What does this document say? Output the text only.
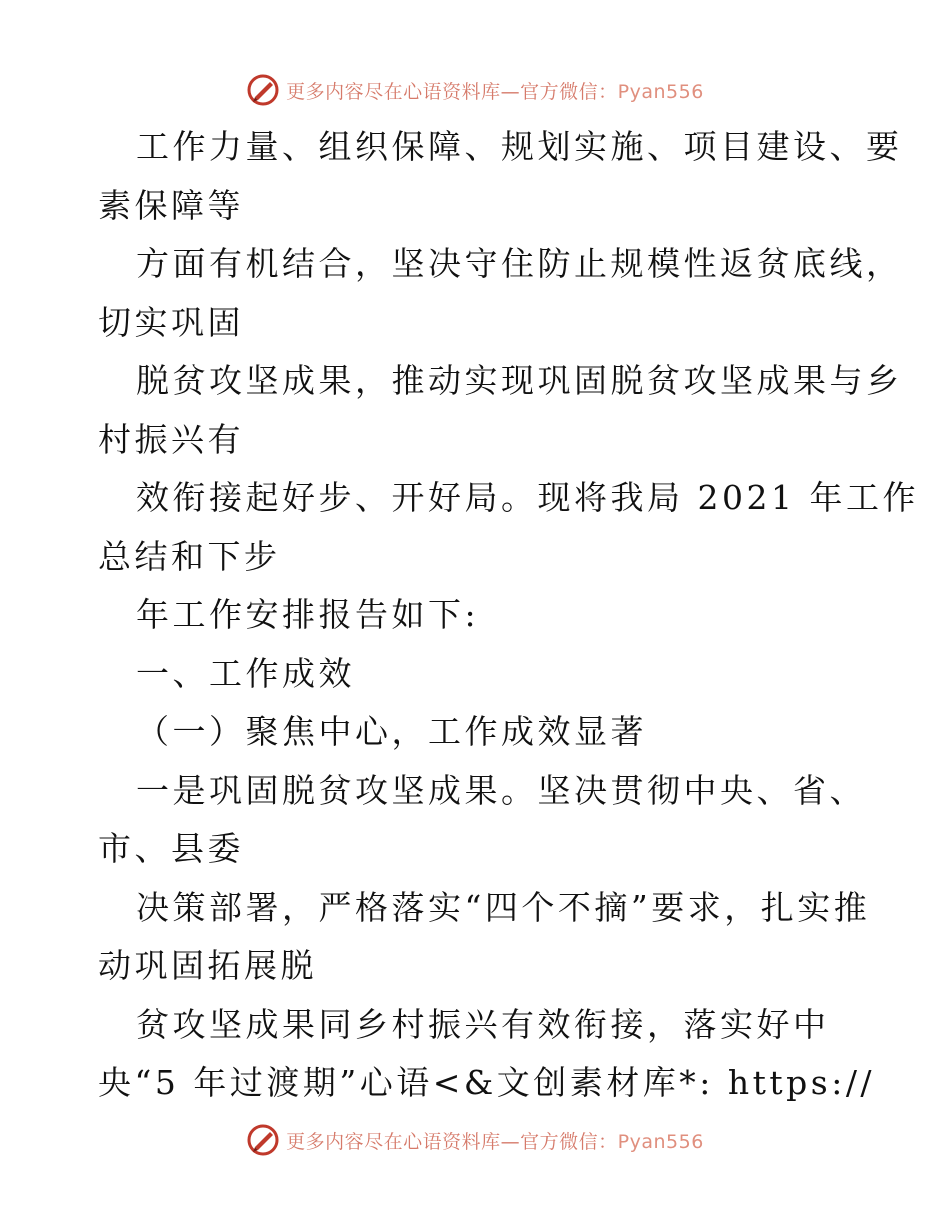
更多内容尽在心语资料库—官方微信：Pyan556
工作力量、组织保障、规划实施、项目建设、要
素保障等
方面有机结合，坚决守住防止规模性返贫底线，
切实巩固
脱贫攻坚成果，推动实现巩固脱贫攻坚成果与乡
村振兴有
效衔接起好步、开好局。现将我局 2021 年工作
总结和下步
年工作安排报告如下:
一、工作成效
（一）聚焦中心，工作成效显著
一是巩固脱贫攻坚成果。坚决贯彻中央、省、
市、县委
决策部署，严格落实“四个不摘”要求，扎实推
动巩固拓展脱
贫攻坚成果同乡村振兴有效衔接，落实好中
央“5 年过渡期”心语<&文创素材库*: https://
更多内容尽在心语资料库—官方微信：Pyan556
